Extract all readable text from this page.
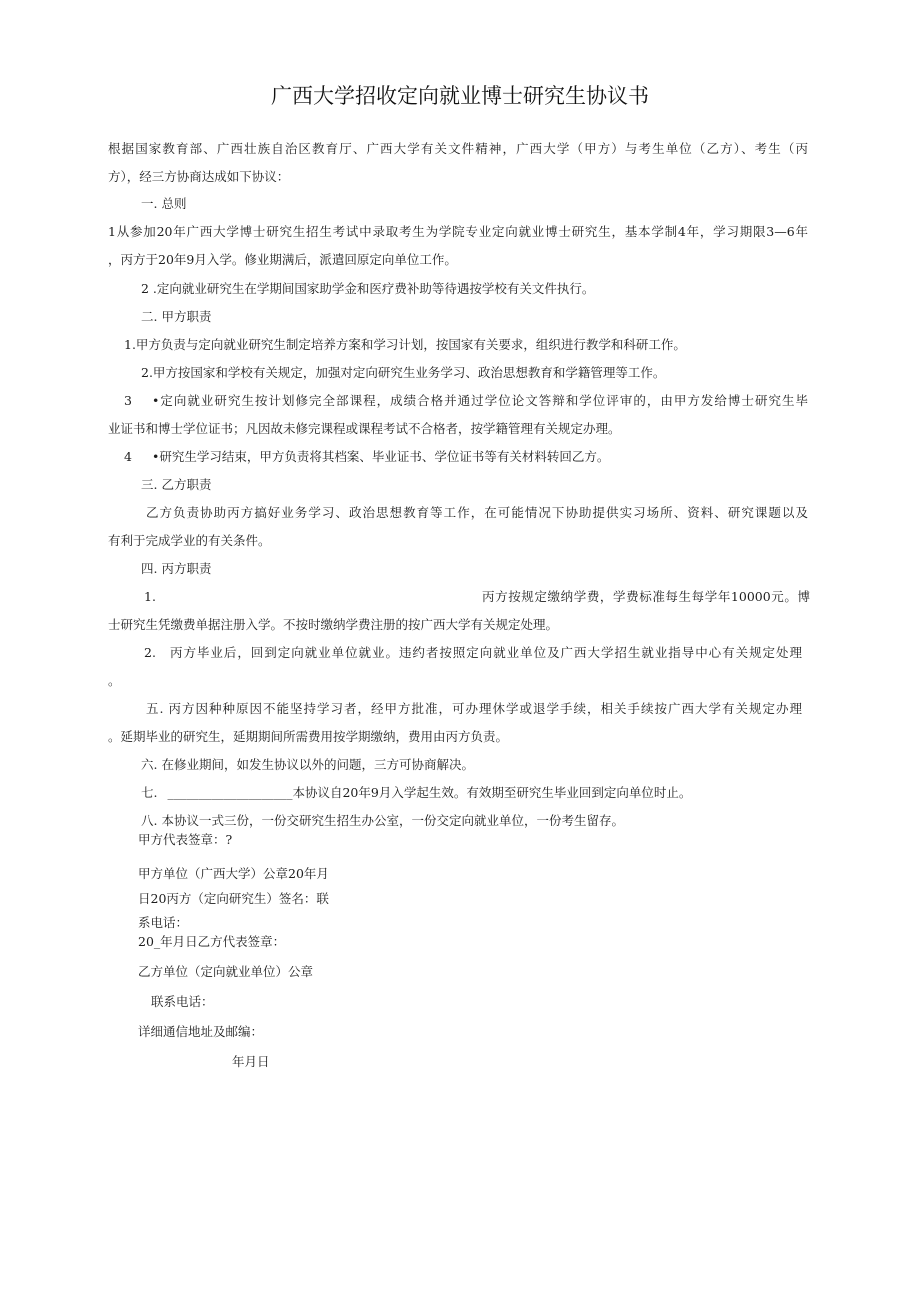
广西大学招收定向就业博士研究生协议书
根据国家教育部、广西壮族自治区教育厅、广西大学有关文件精神，广西大学（甲方）与考生单位（乙方）、考生（丙
方），经三方协商达成如下协议：
一. 总则
1从参加20年广西大学博士研究生招生考试中录取考生为学院专业定向就业博士研究生，基本学制4年，学习期限3—6年
，丙方于20年9月入学。修业期满后，派遣回原定向单位工作。
2 .定向就业研究生在学期间国家助学金和医疗费补助等待遇按学校有关文件执行。
二. 甲方职责
1.甲方负责与定向就业研究生制定培养方案和学习计划，按国家有关要求，组织进行教学和科研工作。
2.甲方按国家和学校有关规定，加强对定向研究生业务学习、政治思想教育和学籍管理等工作。
3 •定向就业研究生按计划修完全部课程，成绩合格并通过学位论文答辩和学位评审的，由甲方发给博士研究生毕
业证书和博士学位证书；凡因故未修完课程或课程考试不合格者，按学籍管理有关规定办理。
4 •研究生学习结束，甲方负责将其档案、毕业证书、学位证书等有关材料转回乙方。
三. 乙方职责
乙方负责协助丙方搞好业务学习、政治思想教育等工作，在可能情况下协助提供实习场所、资料、研究课题以及
有利于完成学业的有关条件。
四. 丙方职责
1.	丙方按规定缴纳学费，学费标准每生每学年10000元。博
士研究生凭缴费单据注册入学。不按时缴纳学费注册的按广西大学有关规定处理。
2. 丙方毕业后，回到定向就业单位就业。违约者按照定向就业单位及广西大学招生就业指导中心有关规定处理
。
五. 丙方因种种原因不能坚持学习者，经甲方批准，可办理休学或退学手续，相关手续按广西大学有关规定办理
。延期毕业的研究生，延期期间所需费用按学期缴纳，费用由丙方负责。
六. 在修业期间，如发生协议以外的问题，三方可协商解决。
七. ____________________本协议自20年9月入学起生效。有效期至研究生毕业回到定向单位时止。
八. 本协议一式三份，一份交研究生招生办公室，一份交定向就业单位，一份考生留存。
甲方代表签章：?
甲方单位（广西大学）公章20年月
日20丙方（定向研究生）签名：联
系电话：
20_年月日乙方代表签章：
乙方单位（定向就业单位）公章
联系电话：
详细通信地址及邮编：
年月日
